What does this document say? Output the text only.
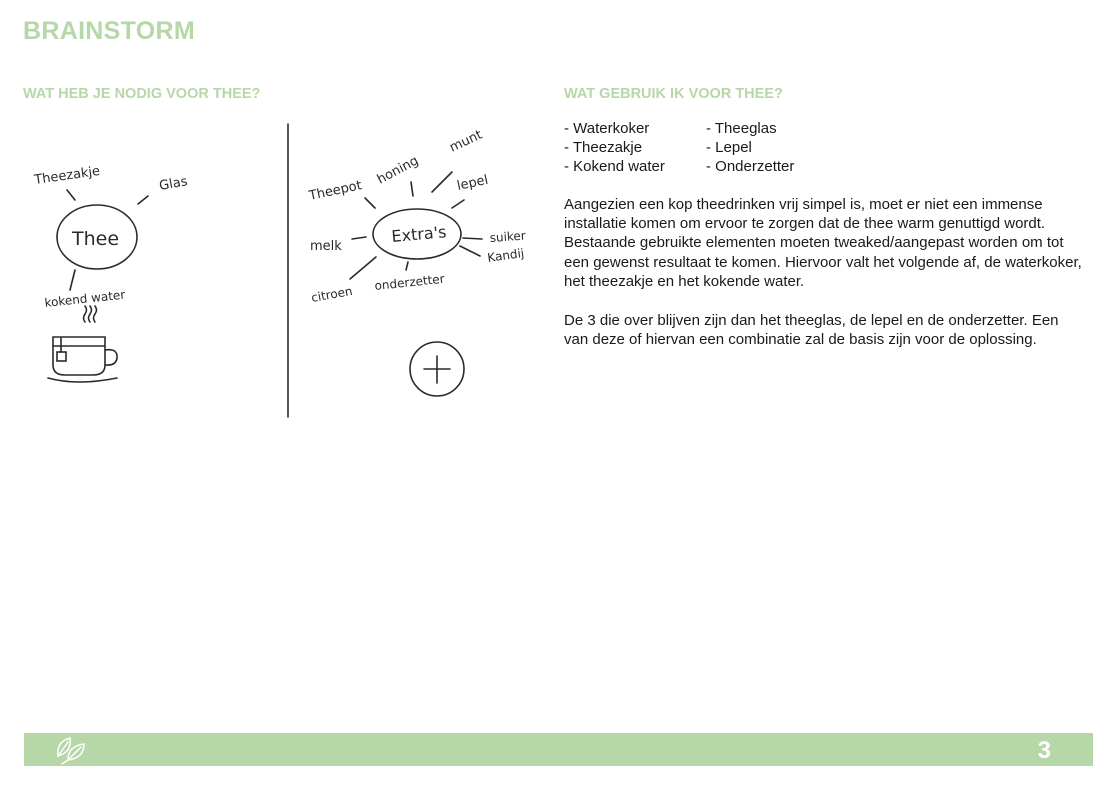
BRAINSTORM
WAT HEB JE NODIG VOOR THEE?	WAT GEBRUIK IK VOOR THEE?
Theezakje	Glas
kokend water
Thee
Theepot
honing
munt
lepel
melk
suiker
Kandij
citroen
onderzetter
Extra's
- Waterkoker	- Theeglas
- Theezakje	- Lepel
- Kokend water	- Onderzetter

Aangezien een kop theedrinken vrij simpel is, moet er niet een immense installatie komen om ervoor te zorgen dat de thee warm genuttigd wordt. Bestaande gebruikte elementen moeten tweaked/aangepast worden om tot een gewenst resultaat te komen. Hiervoor valt het volgende af, de waterkoker, het theezakje en het kokende water.

De 3 die over blijven zijn dan het theeglas, de lepel en de onderzetter. Een van deze of hiervan een combinatie zal de basis zijn voor de oplossing.

3
